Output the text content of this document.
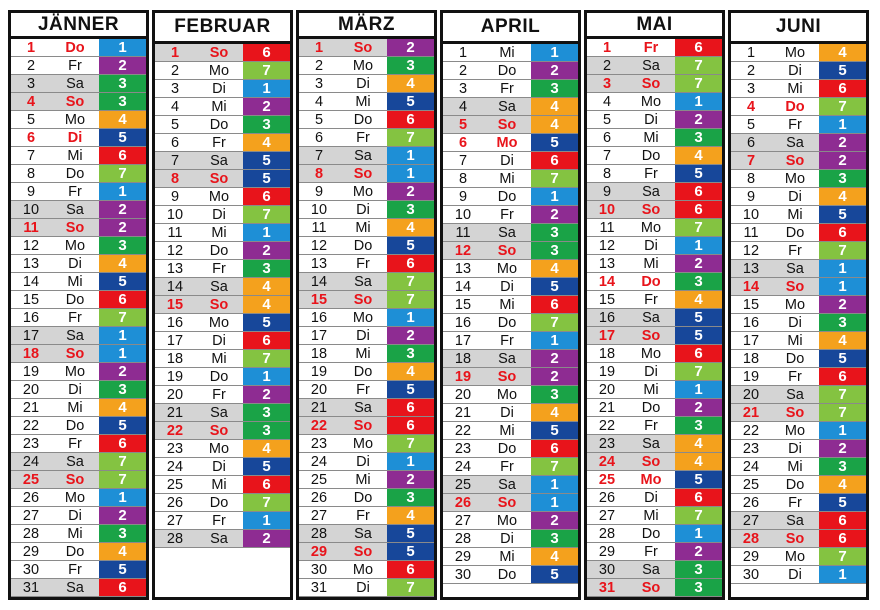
JÄNNER
1	Do	1
2	Fr	2
3	Sa	3
4	So	3
5	Mo	4
6	Di	5
7	Mi	6
8	Do	7
9	Fr	1
10	Sa	2
11	So	2
12	Mo	3
13	Di	4
14	Mi	5
15	Do	6
16	Fr	7
17	Sa	1
18	So	1
19	Mo	2
20	Di	3
21	Mi	4
22	Do	5
23	Fr	6
24	Sa	7
25	So	7
26	Mo	1
27	Di	2
28	Mi	3
29	Do	4
30	Fr	5
31	Sa	6
FEBRUAR
1	So	6
2	Mo	7
3	Di	1
4	Mi	2
5	Do	3
6	Fr	4
7	Sa	5
8	So	5
9	Mo	6
10	Di	7
11	Mi	1
12	Do	2
13	Fr	3
14	Sa	4
15	So	4
16	Mo	5
17	Di	6
18	Mi	7
19	Do	1
20	Fr	2
21	Sa	3
22	So	3
23	Mo	4
24	Di	5
25	Mi	6
26	Do	7
27	Fr	1
28	Sa	2
MÄRZ
1	So	2
2	Mo	3
3	Di	4
4	Mi	5
5	Do	6
6	Fr	7
7	Sa	1
8	So	1
9	Mo	2
10	Di	3
11	Mi	4
12	Do	5
13	Fr	6
14	Sa	7
15	So	7
16	Mo	1
17	Di	2
18	Mi	3
19	Do	4
20	Fr	5
21	Sa	6
22	So	6
23	Mo	7
24	Di	1
25	Mi	2
26	Do	3
27	Fr	4
28	Sa	5
29	So	5
30	Mo	6
31	Di	7
APRIL
1	Mi	1
2	Do	2
3	Fr	3
4	Sa	4
5	So	4
6	Mo	5
7	Di	6
8	Mi	7
9	Do	1
10	Fr	2
11	Sa	3
12	So	3
13	Mo	4
14	Di	5
15	Mi	6
16	Do	7
17	Fr	1
18	Sa	2
19	So	2
20	Mo	3
21	Di	4
22	Mi	5
23	Do	6
24	Fr	7
25	Sa	1
26	So	1
27	Mo	2
28	Di	3
29	Mi	4
30	Do	5
MAI
1	Fr	6
2	Sa	7
3	So	7
4	Mo	1
5	Di	2
6	Mi	3
7	Do	4
8	Fr	5
9	Sa	6
10	So	6
11	Mo	7
12	Di	1
13	Mi	2
14	Do	3
15	Fr	4
16	Sa	5
17	So	5
18	Mo	6
19	Di	7
20	Mi	1
21	Do	2
22	Fr	3
23	Sa	4
24	So	4
25	Mo	5
26	Di	6
27	Mi	7
28	Do	1
29	Fr	2
30	Sa	3
31	So	3
JUNI
1	Mo	4
2	Di	5
3	Mi	6
4	Do	7
5	Fr	1
6	Sa	2
7	So	2
8	Mo	3
9	Di	4
10	Mi	5
11	Do	6
12	Fr	7
13	Sa	1
14	So	1
15	Mo	2
16	Di	3
17	Mi	4
18	Do	5
19	Fr	6
20	Sa	7
21	So	7
22	Mo	1
23	Di	2
24	Mi	3
25	Do	4
26	Fr	5
27	Sa	6
28	So	6
29	Mo	7
30	Di	1
